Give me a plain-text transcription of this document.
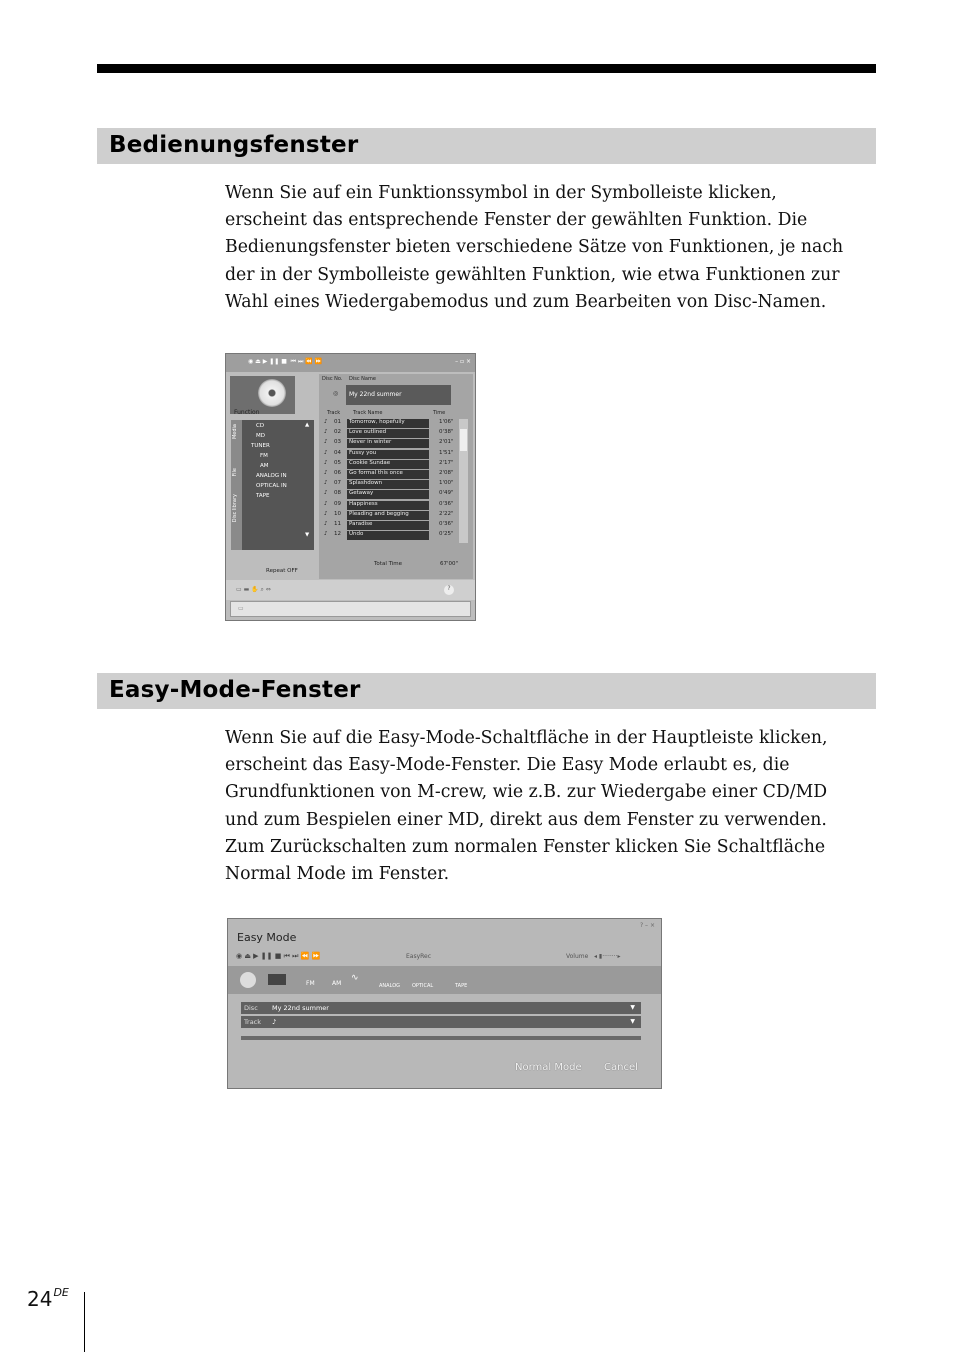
Bedienungsfenster
Wenn Sie auf ein Funktionssymbol in der Symbolleiste klicken,
erscheint das entsprechende Fenster der gewählten Funktion. Die
Bedienungsfenster bieten verschiedene Sätze von Funktionen, je nach
der in der Symbolleiste gewählten Funktion, wie etwa Funktionen zur
Wahl eines Wiedergabemodus und zum Bearbeiten von Disc-Namen.
◉ ⏏ ▶ ❚❚ ■  ⏮ ⏭ ⏪ ⏩	– ▫ ×
Function
Media
File
Disc library
CD
MD
TUNER
FM
AM
ANALOG IN
OPTICAL IN
TAPE
▲
▼
Repeat OFF
Disc No. Disc Name
◎ My 22nd summer
Track	Track Name	Time
♪ 01	Tomorrow, hopefully	1'06"
♪ 02	Love outlined	0'38"
♪ 03	Never in winter	2'01"
♪ 04	Fussy you	1'51"
♪ 05	Cookie Sundae	2'17"
♪ 06	Go formal this once	2'08"
♪ 07	Splashdown	1'00"
♪ 08	Getaway	0'49"
♪ 09	Happiness	0'36"
♪ 10	Pleading and begging	2'22"
♪ 11	Paradise	0'36"
♪ 12	Undo	0'25"
Total Time	67'00"
▭ ▬ ✋ ⌕ ⇔	?
▭
Easy-Mode-Fenster
Wenn Sie auf die Easy-Mode-Schaltfläche in der Hauptleiste klicken,
erscheint das Easy-Mode-Fenster. Die Easy Mode erlaubt es, die
Grundfunktionen von M-crew, wie z.B. zur Wiedergabe einer CD/MD
und zum Bespielen einer MD, direkt aus dem Fenster zu verwenden.
Zum Zurückschalten zum normalen Fenster klicken Sie Schaltfläche
Normal Mode im Fenster.
? – ×
Easy Mode
◉ ⏏ ▶ ❚❚ ■ ⏮ ⏭ ⏪ ⏩	EasyRec	Volume ◂ ▮········▸
FM	AM
∿
ANALOG OPTICAL	TAPE
Disc My 22nd summer	▼
Track ♪	▼
Normal Mode Cancel
24DE
